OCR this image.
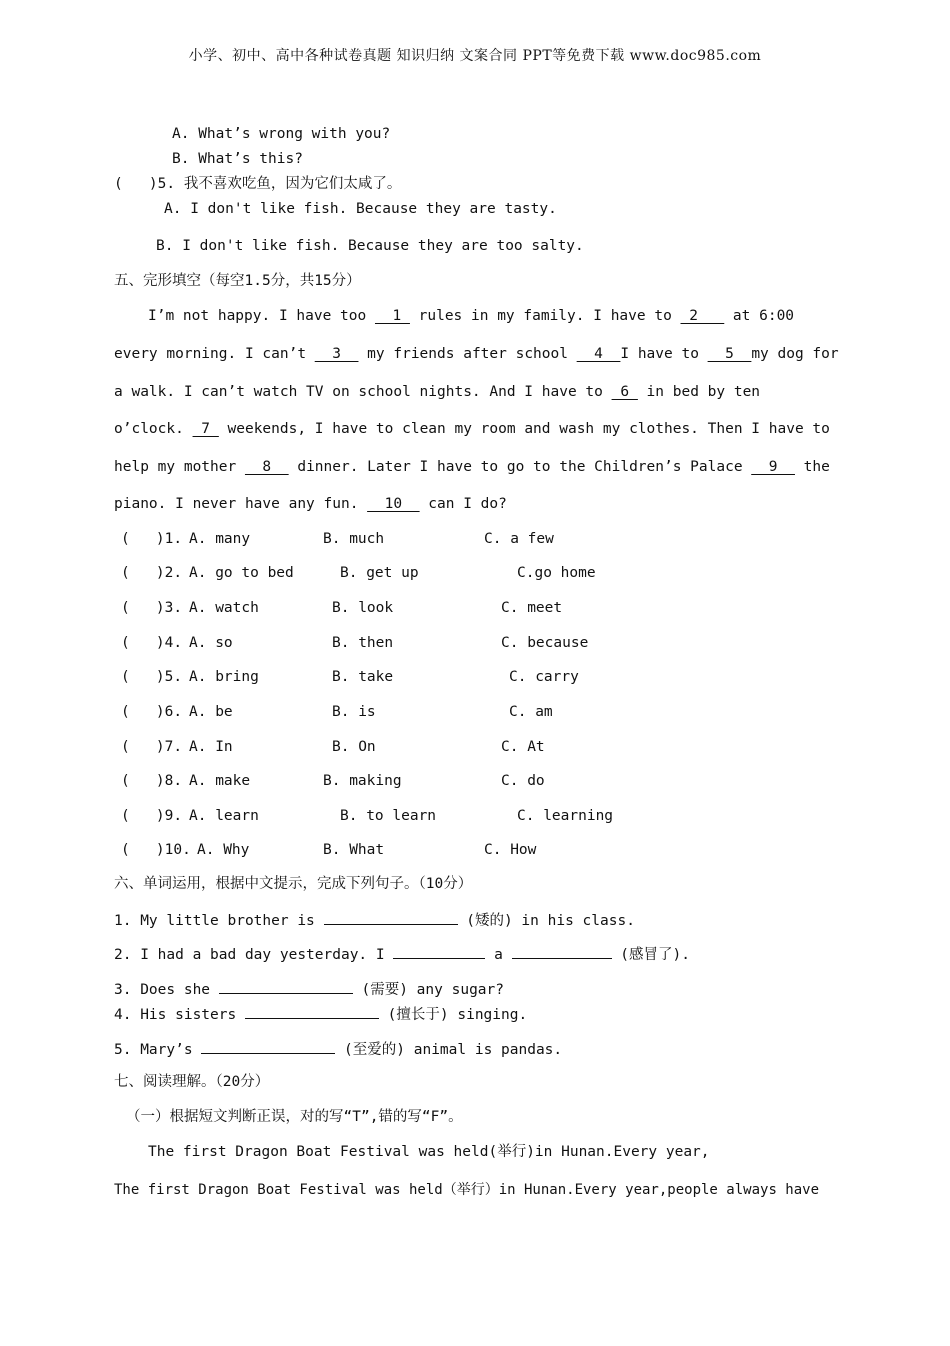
小学、初中、高中各种试卷真题 知识归纳 文案合同 PPT等免费下载 www.doc985.com
A. What’s wrong with you?
B. What’s this?
(   )5. 我不喜欢吃鱼，因为它们太咸了。
A. I don't like fish. Because they are tasty.
B. I don't like fish. Because they are too salty.
五、完形填空（每空1.5分，共15分）
I’m not happy. I have too __1_ rules in my family. I have to _2___ at 6:00
every morning. I can’t __3__ my friends after school __4__I have to __5__my dog for
a walk. I can’t watch TV on school nights. And I have to _6_ in bed by ten
o’clock. _7_ weekends, I have to clean my room and wash my clothes. Then I have to
help my mother __8__ dinner. Later I have to go to the Children’s Palace __9__ the
piano. I never have any fun. __10__ can I do?
(   )1. A. many	B. much	C. a few
(   )2. A. go to bed	B. get up	C.go home
(   )3. A. watch	B. look	C. meet
(   )4. A. so	B. then	C. because
(   )5. A. bring	B. take	C. carry
(   )6. A. be	B. is	C. am
(   )7. A. In	B. On	C. At
(   )8. A. make	B. making	C. do
(   )9. A. learn	B. to learn	C. learning
(   )10. A. Why	B. What	C. How
六、单词运用，根据中文提示，完成下列句子。（10分）
1. My little brother is	(矮的) in his class.
2. I had a bad day yesterday. I	a	(感冒了).
3. Does she	(需要) any sugar?
4. His sisters	(擅长于) singing.
5. Mary’s	(至爱的) animal is pandas.
七、阅读理解。（20分）
（一）根据短文判断正误，对的写“T”,错的写“F”。
The first Dragon Boat Festival was held(举行)in Hunan.Every year,
The first Dragon Boat Festival was held（举行）in Hunan.Every year,people always have
